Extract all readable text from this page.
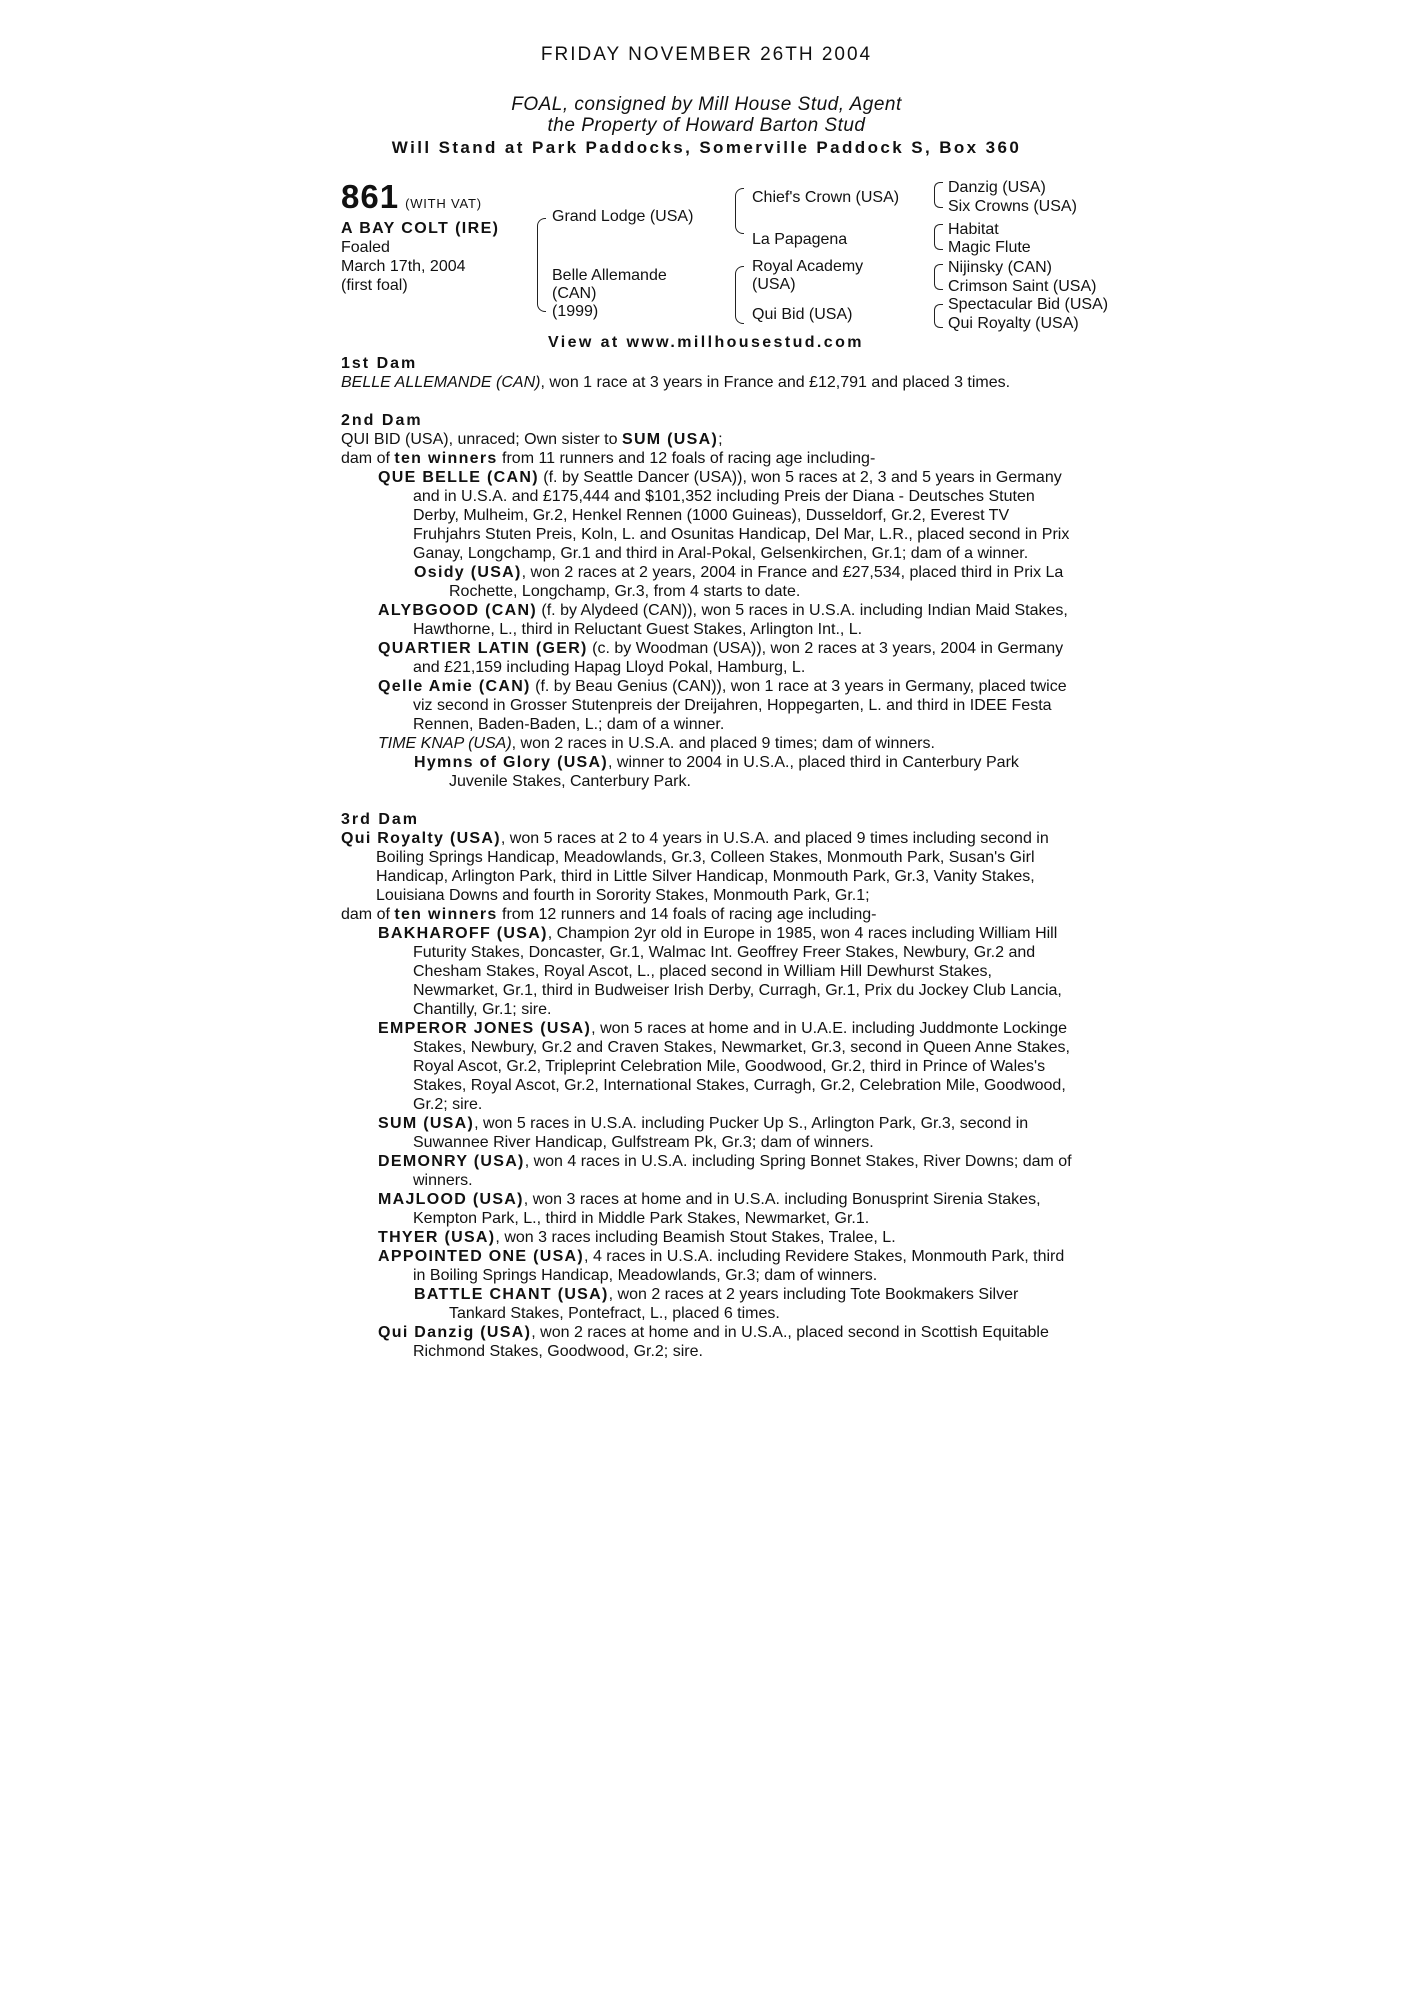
FRIDAY NOVEMBER 26TH 2004
FOAL, consigned by Mill House Stud, Agent
the Property of Howard Barton Stud
Will Stand at Park Paddocks, Somerville Paddock S, Box 360
861 (WITH VAT)
A BAY COLT (IRE)
Foaled
March 17th, 2004
(first foal)
Grand Lodge (USA)
Belle Allemande
(CAN)
(1999)
Chief's Crown (USA)
La Papagena
Royal Academy
(USA)
Qui Bid (USA)
Danzig (USA)
Six Crowns (USA)
Habitat
Magic Flute
Nijinsky (CAN)
Crimson Saint (USA)
Spectacular Bid (USA)
Qui Royalty (USA)
View at www.millhousestud.com
1st Dam
BELLE ALLEMANDE (CAN), won 1 race at 3 years in France and £12,791 and placed 3 times.
2nd Dam
QUI BID (USA), unraced; Own sister to SUM (USA);
dam of ten winners from 11 runners and 12 foals of racing age including-
QUE BELLE (CAN) (f. by Seattle Dancer (USA)), won 5 races at 2, 3 and 5 years in Germany and in U.S.A. and £175,444 and $101,352 including Preis der Diana - Deutsches Stuten Derby, Mulheim, Gr.2, Henkel Rennen (1000 Guineas), Dusseldorf, Gr.2, Everest TV Fruhjahrs Stuten Preis, Koln, L. and Osunitas Handicap, Del Mar, L.R., placed second in Prix Ganay, Longchamp, Gr.1 and third in Aral-Pokal, Gelsenkirchen, Gr.1; dam of a winner.
Osidy (USA), won 2 races at 2 years, 2004 in France and £27,534, placed third in Prix La Rochette, Longchamp, Gr.3, from 4 starts to date.
ALYBGOOD (CAN) (f. by Alydeed (CAN)), won 5 races in U.S.A. including Indian Maid Stakes, Hawthorne, L., third in Reluctant Guest Stakes, Arlington Int., L.
QUARTIER LATIN (GER) (c. by Woodman (USA)), won 2 races at 3 years, 2004 in Germany and £21,159 including Hapag Lloyd Pokal, Hamburg, L.
Qelle Amie (CAN) (f. by Beau Genius (CAN)), won 1 race at 3 years in Germany, placed twice viz second in Grosser Stutenpreis der Dreijahren, Hoppegarten, L. and third in IDEE Festa Rennen, Baden-Baden, L.; dam of a winner.
TIME KNAP (USA), won 2 races in U.S.A. and placed 9 times; dam of winners.
Hymns of Glory (USA), winner to 2004 in U.S.A., placed third in Canterbury Park Juvenile Stakes, Canterbury Park.
3rd Dam
Qui Royalty (USA), won 5 races at 2 to 4 years in U.S.A. and placed 9 times including second in Boiling Springs Handicap, Meadowlands, Gr.3, Colleen Stakes, Monmouth Park, Susan's Girl Handicap, Arlington Park, third in Little Silver Handicap, Monmouth Park, Gr.3, Vanity Stakes, Louisiana Downs and fourth in Sorority Stakes, Monmouth Park, Gr.1;
dam of ten winners from 12 runners and 14 foals of racing age including-
BAKHAROFF (USA), Champion 2yr old in Europe in 1985, won 4 races including William Hill Futurity Stakes, Doncaster, Gr.1, Walmac Int. Geoffrey Freer Stakes, Newbury, Gr.2 and Chesham Stakes, Royal Ascot, L., placed second in William Hill Dewhurst Stakes, Newmarket, Gr.1, third in Budweiser Irish Derby, Curragh, Gr.1, Prix du Jockey Club Lancia, Chantilly, Gr.1; sire.
EMPEROR JONES (USA), won 5 races at home and in U.A.E. including Juddmonte Lockinge Stakes, Newbury, Gr.2 and Craven Stakes, Newmarket, Gr.3, second in Queen Anne Stakes, Royal Ascot, Gr.2, Tripleprint Celebration Mile, Goodwood, Gr.2, third in Prince of Wales's Stakes, Royal Ascot, Gr.2, International Stakes, Curragh, Gr.2, Celebration Mile, Goodwood, Gr.2; sire.
SUM (USA), won 5 races in U.S.A. including Pucker Up S., Arlington Park, Gr.3, second in Suwannee River Handicap, Gulfstream Pk, Gr.3; dam of winners.
DEMONRY (USA), won 4 races in U.S.A. including Spring Bonnet Stakes, River Downs; dam of winners.
MAJLOOD (USA), won 3 races at home and in U.S.A. including Bonusprint Sirenia Stakes, Kempton Park, L., third in Middle Park Stakes, Newmarket, Gr.1.
THYER (USA), won 3 races including Beamish Stout Stakes, Tralee, L.
APPOINTED ONE (USA), 4 races in U.S.A. including Revidere Stakes, Monmouth Park, third in Boiling Springs Handicap, Meadowlands, Gr.3; dam of winners.
BATTLE CHANT (USA), won 2 races at 2 years including Tote Bookmakers Silver Tankard Stakes, Pontefract, L., placed 6 times.
Qui Danzig (USA), won 2 races at home and in U.S.A., placed second in Scottish Equitable Richmond Stakes, Goodwood, Gr.2; sire.
